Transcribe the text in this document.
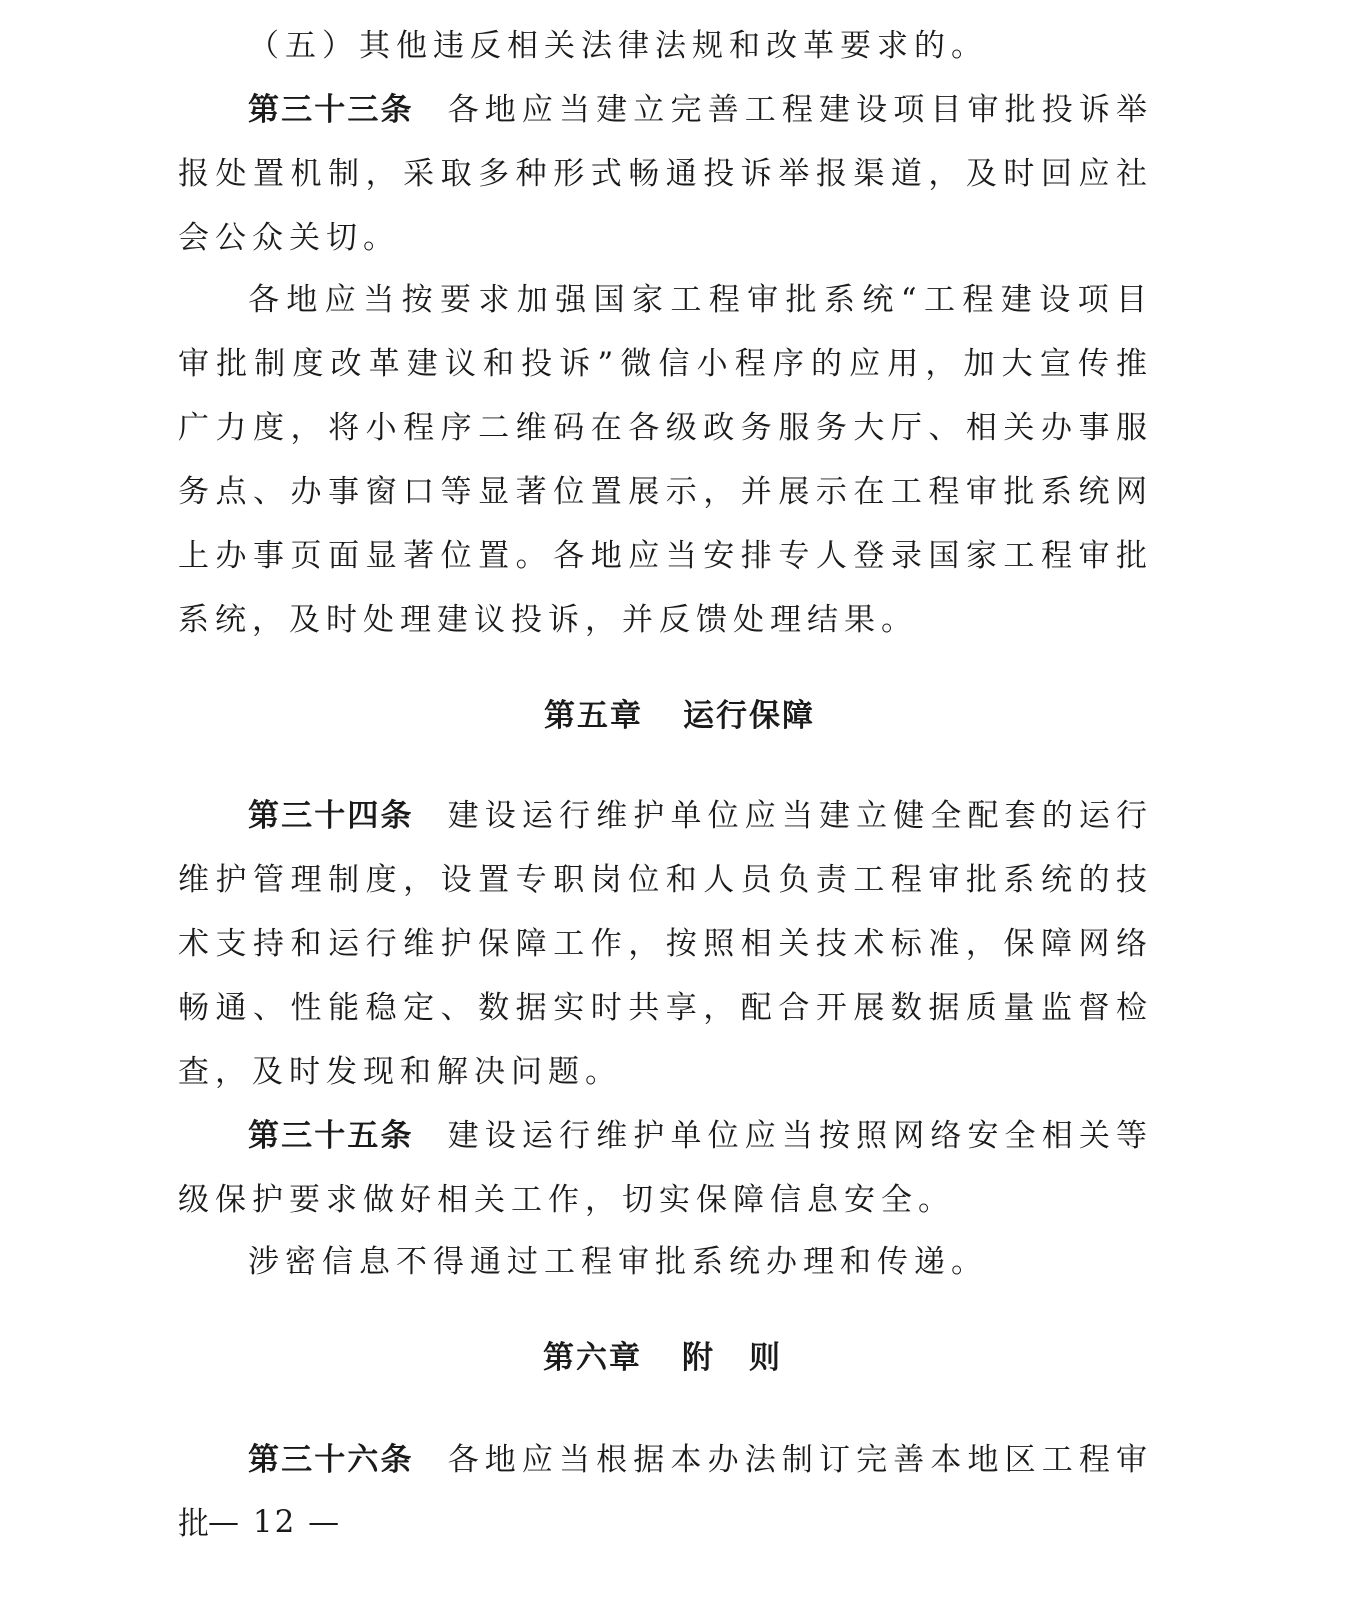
（五）其他违反相关法律法规和改革要求的。

第三十三条 各地应当建立完善工程建设项目审批投诉举报处置机制，采取多种形式畅通投诉举报渠道，及时回应社会公众关切。

各地应当按要求加强国家工程审批系统“工程建设项目审批制度改革建议和投诉”微信小程序的应用，加大宣传推广力度，将小程序二维码在各级政务服务大厅、相关办事服务点、办事窗口等显著位置展示，并展示在工程审批系统网上办事页面显著位置。各地应当安排专人登录国家工程审批系统，及时处理建议投诉，并反馈处理结果。

第五章 运行保障

第三十四条 建设运行维护单位应当建立健全配套的运行维护管理制度，设置专职岗位和人员负责工程审批系统的技术支持和运行维护保障工作，按照相关技术标准，保障网络畅通、性能稳定、数据实时共享，配合开展数据质量监督检查，及时发现和解决问题。

第三十五条 建设运行维护单位应当按照网络安全相关等级保护要求做好相关工作，切实保障信息安全。

涉密信息不得通过工程审批系统办理和传递。

第六章 附则

第三十六条 各地应当根据本办法制订完善本地区工程审批

— 12 —
